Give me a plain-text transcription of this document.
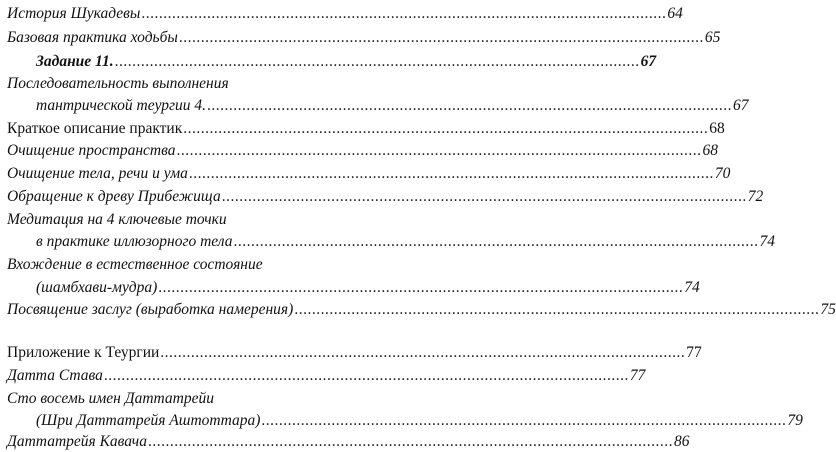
История Шукадевы ........................................................................................................................ 64
Базовая практика ходьбы ........................................................................................................................ 65
Задание 11. ........................................................................................................................ 67
Последовательность выполнения
тантрической теургии 4. ........................................................................................................................ 67
Краткое описание практик ........................................................................................................................ 68
Очищение пространства ........................................................................................................................ 68
Очищение тела, речи и ума ........................................................................................................................ 70
Обращение к древу Прибежища ........................................................................................................................ 72
Медитация на 4 ключевые точки
в практике иллюзорного тела ........................................................................................................................ 74
Вхождение в естественное состояние
(шамбхави-мудра) ........................................................................................................................ 74
Посвящение заслуг (выработка намерения) ........................................................................................................................ 75
Приложение к Теургии ........................................................................................................................ 77
Датта Става ........................................................................................................................ 77
Сто восемь имен Даттатрейи
(Шри Даттатрейя Аштоттара) ........................................................................................................................ 79
Даттатрейя Кавача ........................................................................................................................ 86
